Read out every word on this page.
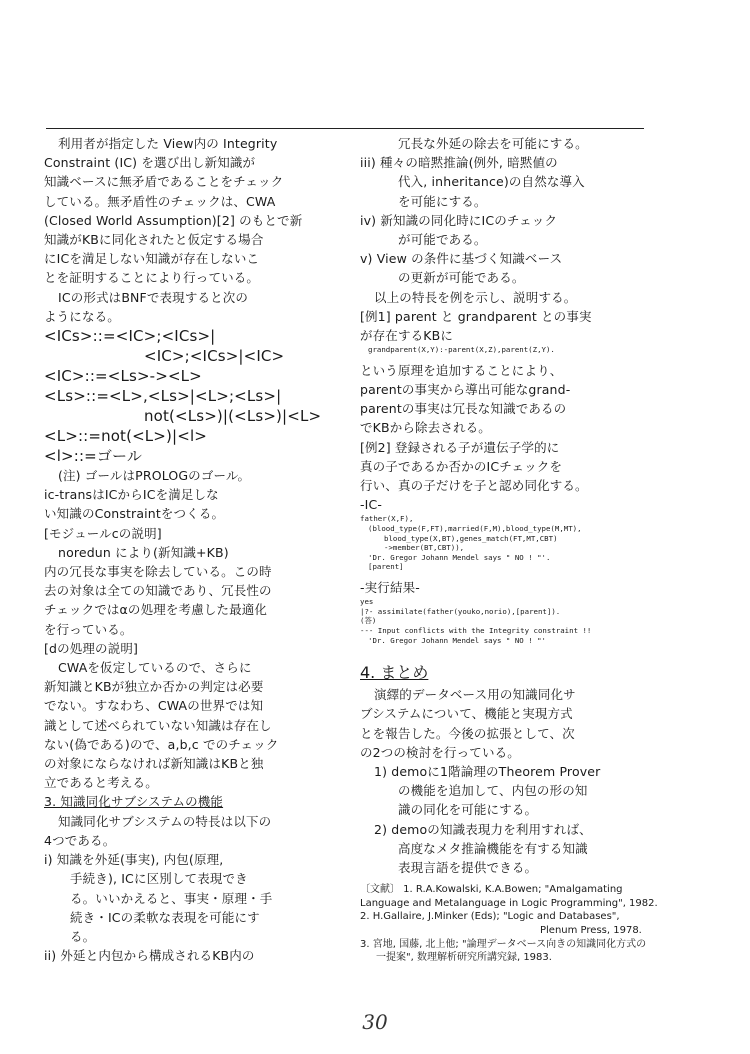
利用者が指定した View内の Integrity
Constraint (IC) を選び出し新知識が
知識ベースに無矛盾であることをチェック
している。無矛盾性のチェックは、CWA
(Closed World Assumption)[2] のもとで新
知識がKBに同化されたと仮定する場合
にICを満足しない知識が存在しないこ
とを証明することにより行っている。
ICの形式はBNFで表現すると次の
ようになる。
<ICs>::=<IC>;<ICs>|
<IC>;<ICs>|<IC>
<IC>::=<Ls>-><L>
<Ls>::=<L>,<Ls>|<L>;<Ls>|
not(<Ls>)|(<Ls>)|<L>
<L>::=not(<L>)|<l>
<l>::=ゴール
(注) ゴールはPROLOGのゴール。
ic-transはICからICを満足しな
い知識のConstraintをつくる。
[モジュールcの説明]
noredun により(新知識+KB)
内の冗長な事実を除去している。この時
去の対象は全ての知識であり、冗長性の
チェックではαの処理を考慮した最適化
を行っている。
[dの処理の説明]
CWAを仮定しているので、さらに
新知識とKBが独立か否かの判定は必要
でない。すなわち、CWAの世界では知
識として述べられていない知識は存在し
ない(偽である)ので、a,b,c でのチェック
の対象にならなければ新知識はKBと独
立であると考える。
3. 知識同化サブシステムの機能
知識同化サブシステムの特長は以下の
4つである。
i) 知識を外延(事実), 内包(原理,
手続き), ICに区別して表現でき
る。いいかえると、事実・原理・手
続き・ICの柔軟な表現を可能にす
る。
ii) 外延と内包から構成されるKB内の
冗長な外延の除去を可能にする。
iii) 種々の暗黙推論(例外, 暗黙値の
代入, inheritance)の自然な導入
を可能にする。
iv) 新知識の同化時にICのチェック
が可能である。
v) View の条件に基づく知識ベース
の更新が可能である。
以上の特長を例を示し、説明する。
[例1] parent と grandparent との事実
が存在するKBに
grandparent(X,Y):-parent(X,Z),parent(Z,Y).
という原理を追加することにより、
parentの事実から導出可能なgrand-
parentの事実は冗長な知識であるの
でKBから除去される。
[例2] 登録される子が遺伝子学的に
真の子であるか否かのICチェックを
行い、真の子だけを子と認め同化する。
-IC-
father(X,F),
(blood_type(F,FT),married(F,M),blood_type(M,MT),
blood_type(X,BT),genes_match(FT,MT,CBT)
->member(BT,CBT)),
'Dr. Gregor Johann Mendel says " NO ! "'.
[parent]
-実行結果-
yes
|?- assimilate(father(youko,norio),[parent]).
(答)
--- Input conflicts with the Integrity constraint !!
'Dr. Gregor Johann Mendel says " NO ! "'
4. まとめ
演繹的データベース用の知識同化サ
ブシステムについて、機能と実現方式
とを報告した。今後の拡張として、次
の2つの検討を行っている。
1) demoに1階論理のTheorem Prover
の機能を追加して、内包の形の知
識の同化を可能にする。
2) demoの知識表現力を利用すれば、
高度なメタ推論機能を有する知識
表現言語を提供できる。
〔文献〕 1. R.A.Kowalski, K.A.Bowen; "Amalgamating
Language and Metalanguage in Logic Programming", 1982.
2. H.Gallaire, J.Minker (Eds); "Logic and Databases",
Plenum Press, 1978.
3. 宮地, 国藤, 北上他; "論理データベース向きの知識同化方式の
一提案", 数理解析研究所講究録, 1983.
30
